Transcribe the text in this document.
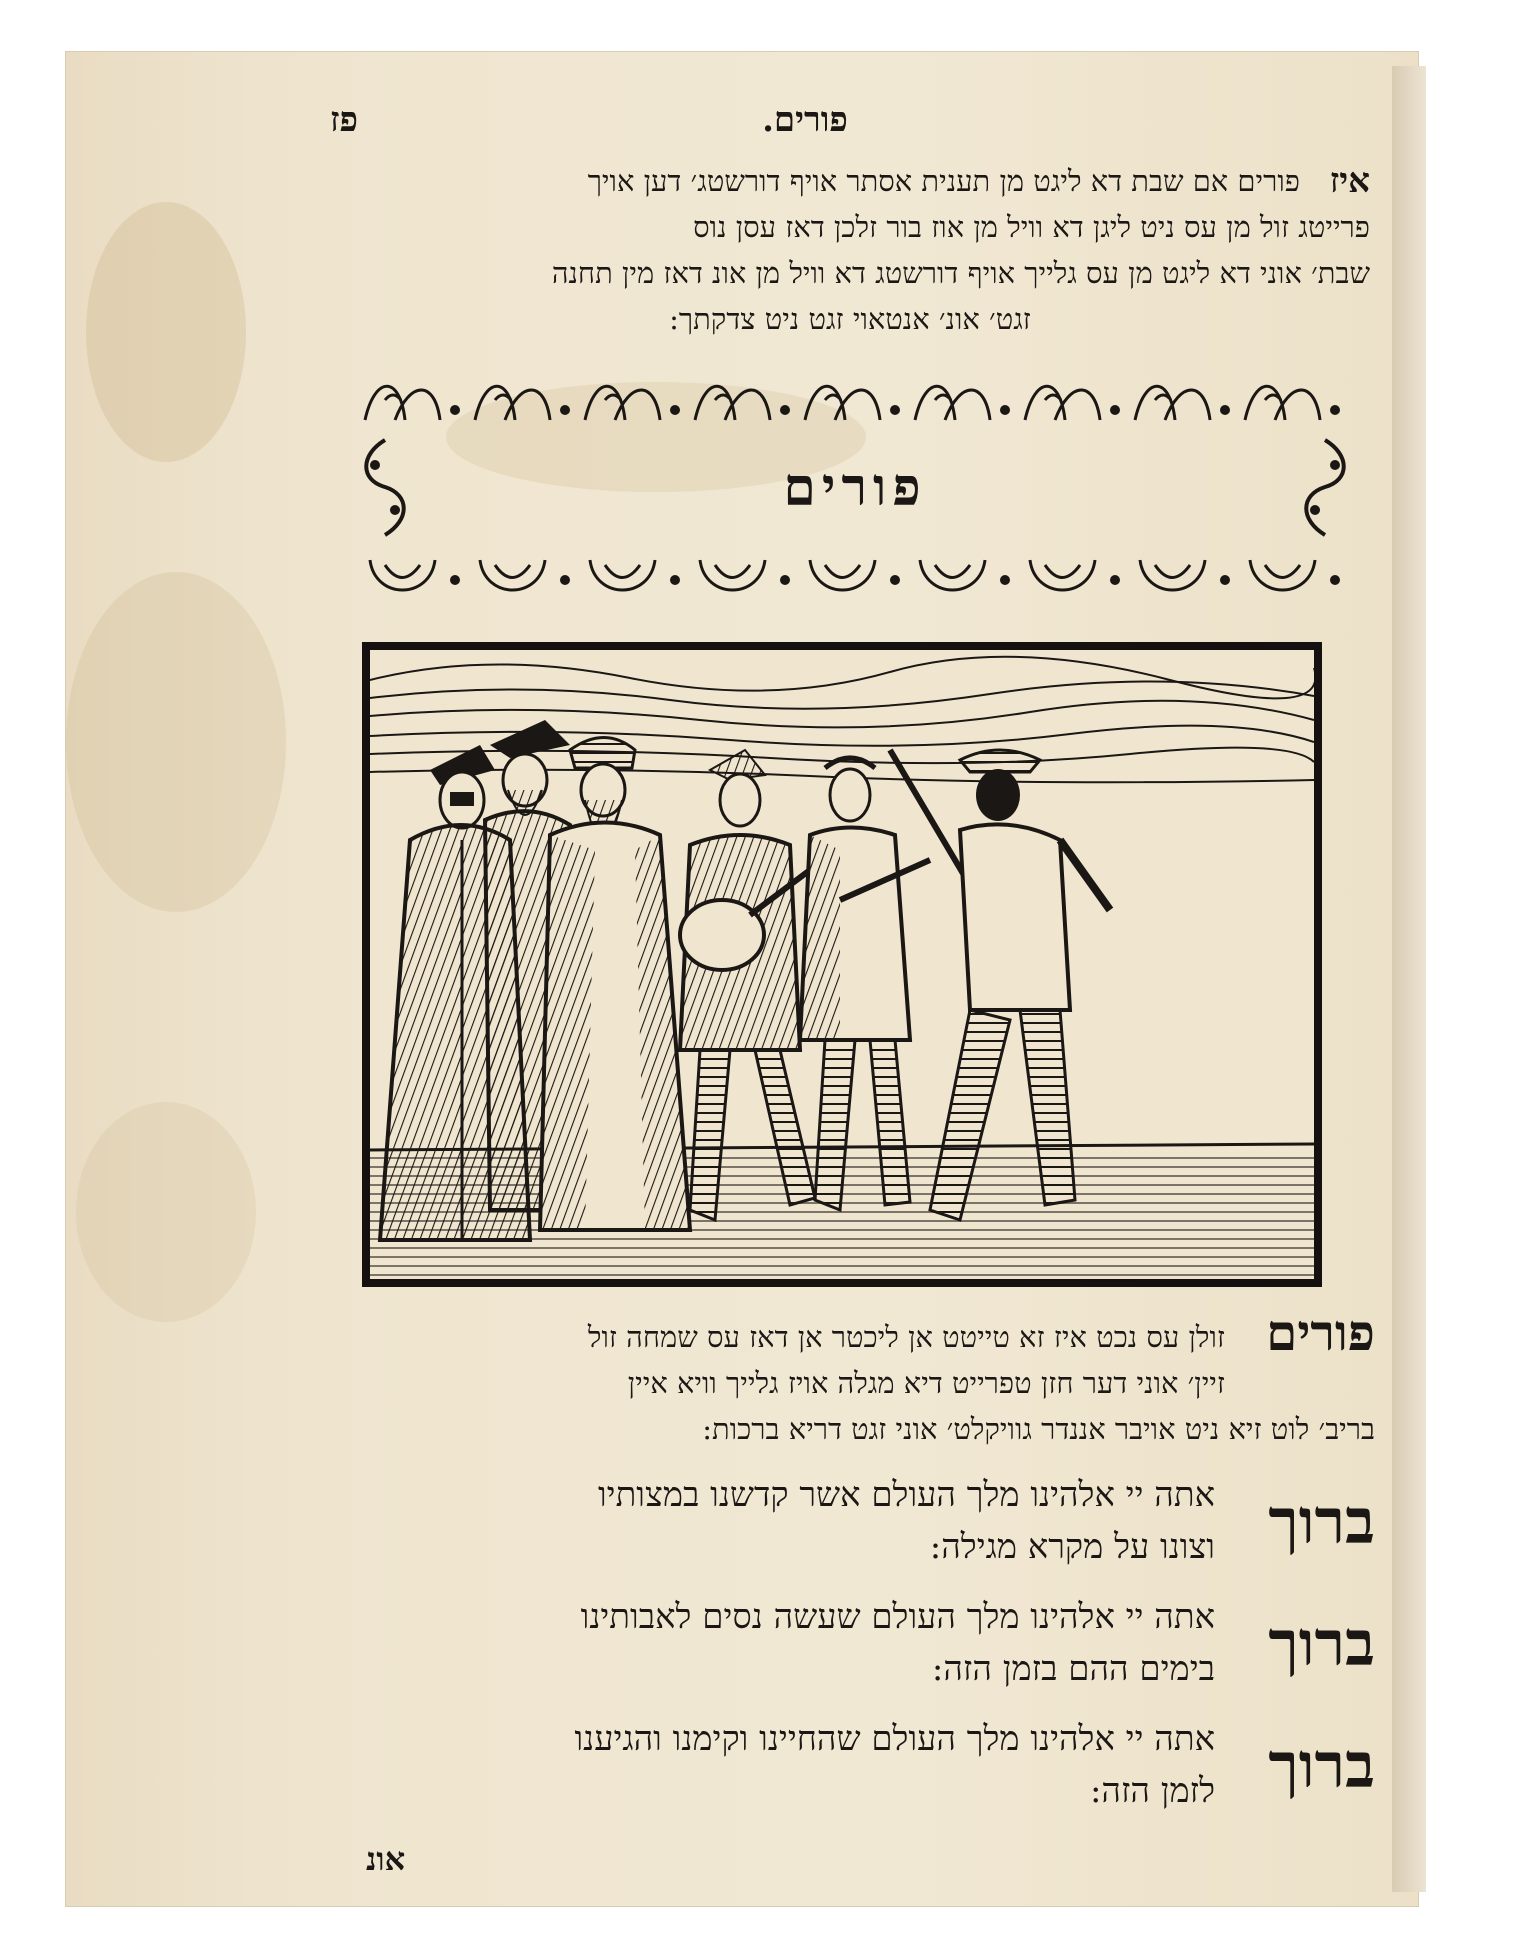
פורים.
פז
איז
פורים אם שבת דא ליגט מן תענית אסתר אויף דורשטג׳ דען אויך
פרייטג זול מן עס ניט ליגן דא וויל מן אוז בור זלכן דאז עסן נוס
שבת׳ אוני דא ליגט מן עס גלייך אויף דורשטג דא וויל מן אונ דאז מין תחנה
זגט׳ אונ׳ אנטאוי זגט ניט צדקתך:
פורים
פורים
זולן עס נכט איז זא טייטט אן ליכטר אן דאז עס שמחה זול
זיין׳ אוני דער חזן טפרייט דיא מגלה אויז גלייך וויא איין
בריב׳ לוט זיא ניט אויבר אננדר גוויקלט׳ אוני זגט דריא ברכות:
ברוך
אתה יי אלהינו מלך העולם אשר קדשנו במצותיו
וצונו על מקרא מגילה:
ברוך
אתה יי אלהינו מלך העולם שעשה נסים לאבותינו
בימים ההם בזמן הזה:
ברוך
אתה יי אלהינו מלך העולם שהחיינו וקימנו והגיענו
לזמן הזה:
אונ
